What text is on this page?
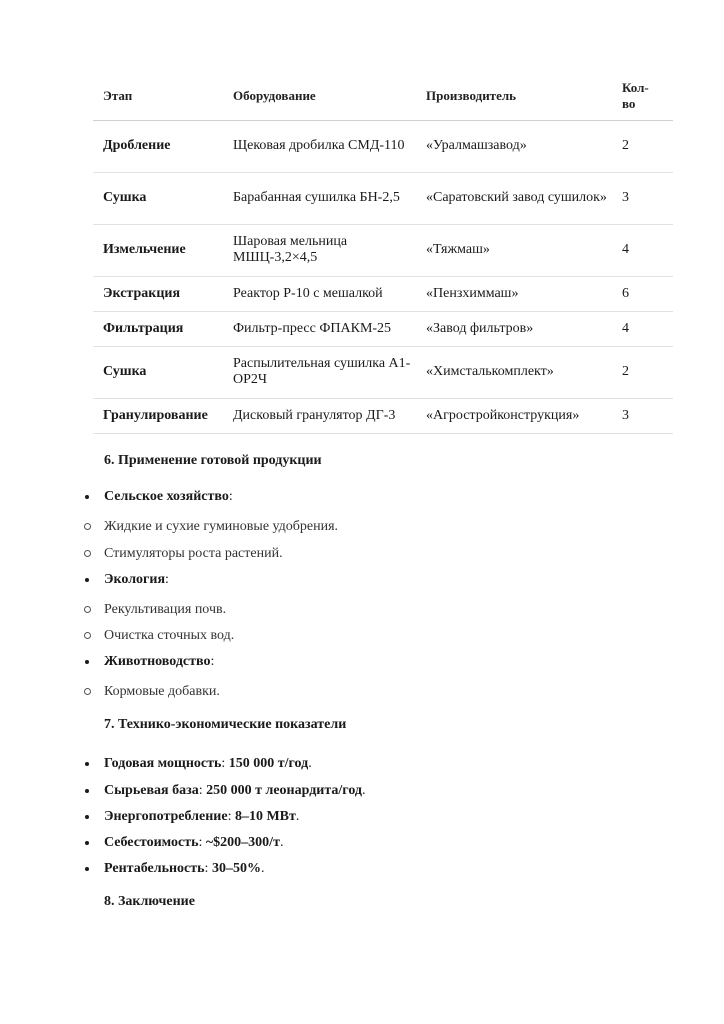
Этап	Оборудование	Производитель	Кол-во
Дробление	Щековая дробилка СМД-110	«Уралмашзавод»	2
Сушка	Барабанная сушилка БН-2,5	«Саратовский завод сушилок»	3
Измельчение	Шаровая мельница МШЦ-3,2×4,5	«Тяжмаш»	4
Экстракция	Реактор Р-10 с мешалкой	«Пензхиммаш»	6
Фильтрация	Фильтр-пресс ФПАКМ-25	«Завод фильтров»	4
Сушка	Распылительная сушилка А1-ОР2Ч	«Химсталькомплект»	2
Гранулирование	Дисковый гранулятор ДГ-3	«Агростройконструкция»	3
6. Применение готовой продукции
Сельское хозяйство:
Жидкие и сухие гуминовые удобрения.
Стимуляторы роста растений.
Экология:
Рекультивация почв.
Очистка сточных вод.
Животноводство:
Кормовые добавки.
7. Технико-экономические показатели
Годовая мощность: 150 000 т/год.
Сырьевая база: 250 000 т леонардита/год.
Энергопотребление: 8–10 МВт.
Себестоимость: ~$200–300/т.
Рентабельность: 30–50%.
8. Заключение
